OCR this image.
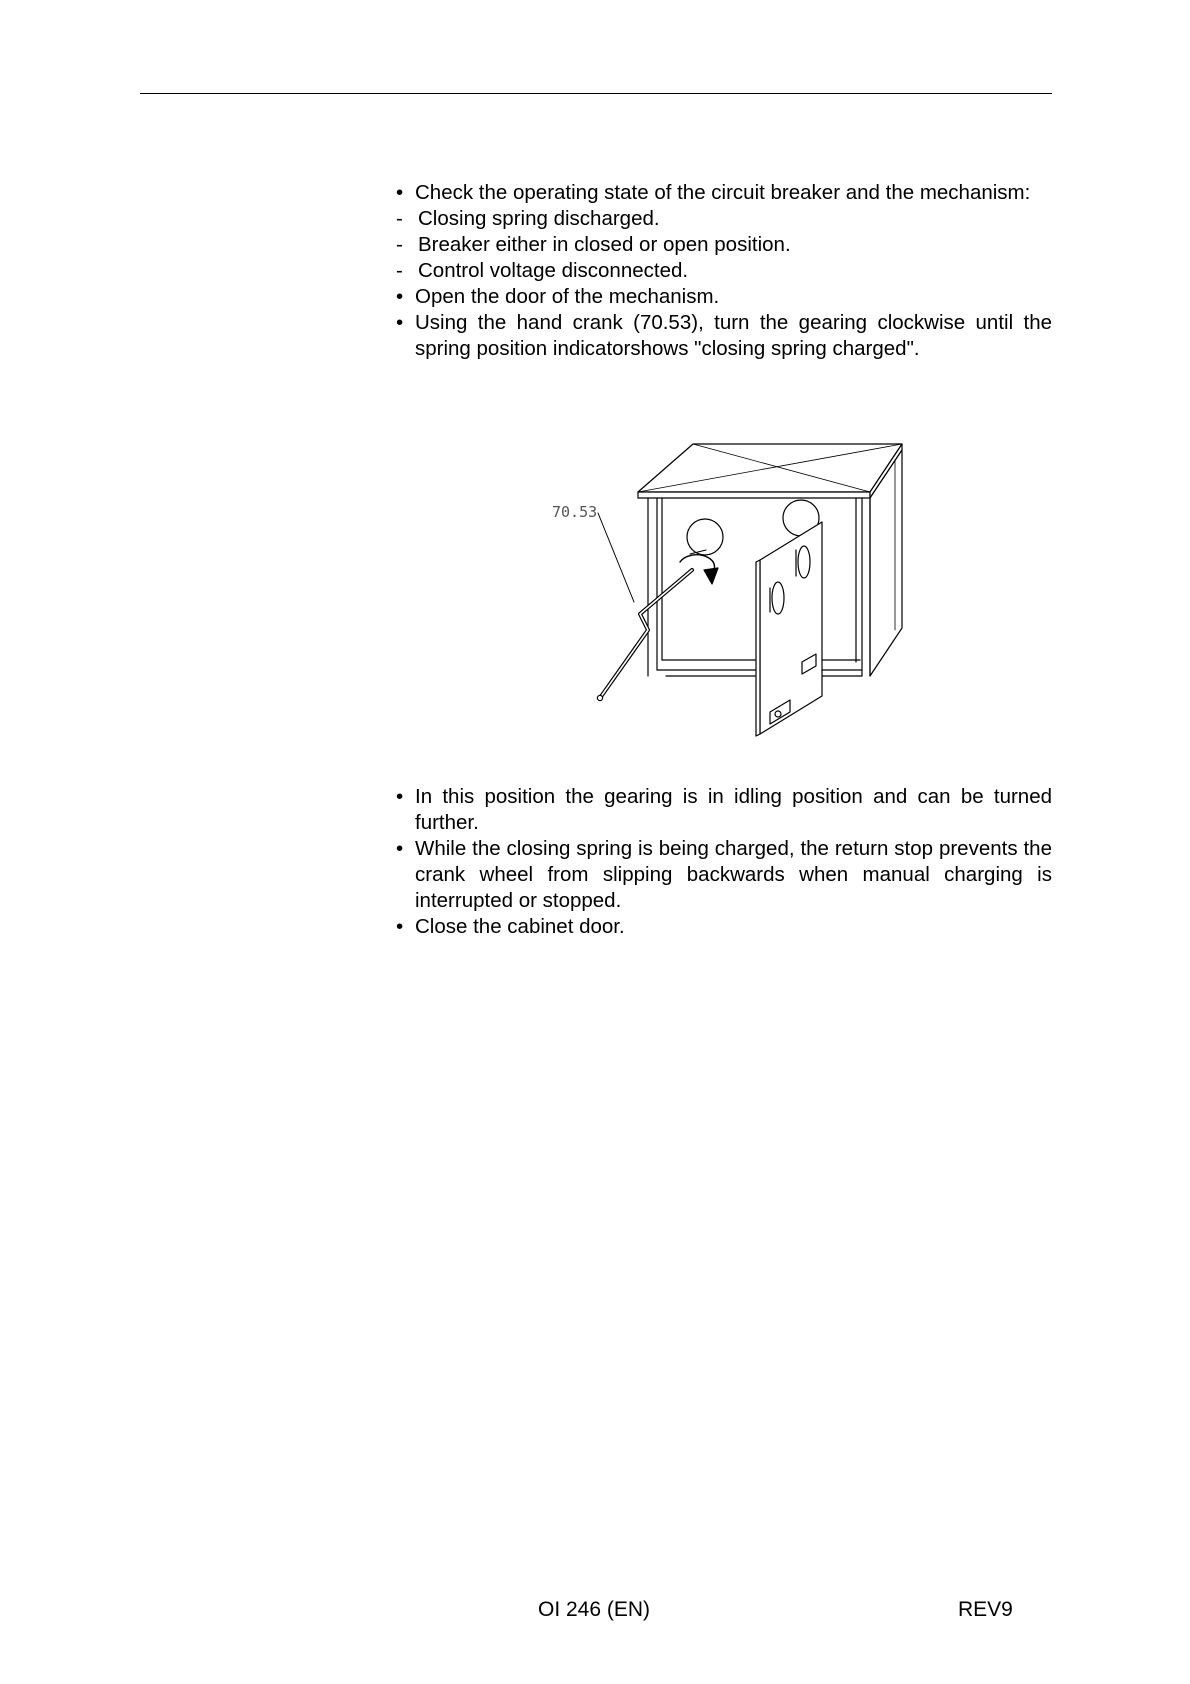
• Check the operating state of the circuit breaker and the mechanism:
- Closing spring discharged.
- Breaker either in closed or open position.
- Control voltage disconnected.
• Open the door of the mechanism.
• Using the hand crank (70.53), turn the gearing clockwise until the spring position indicatorshows "closing spring charged".
70.53
• In this position the gearing is in idling position and can be turned further.
• While the closing spring is being charged, the return stop prevents the crank wheel from slipping backwards when manual charging is interrupted or stopped.
• Close the cabinet door.
OI 246 (EN)	REV9
